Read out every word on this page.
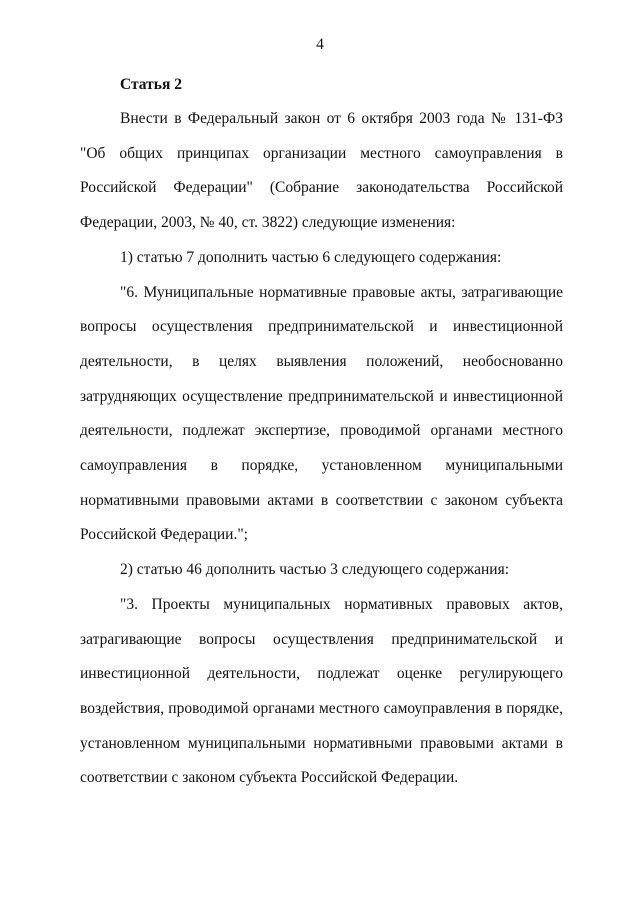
4
Статья 2

Внести в Федеральный закон от 6 октября 2003 года № 131-ФЗ "Об общих принципах организации местного самоуправления в Российской Федерации" (Собрание законодательства Российской Федерации, 2003, № 40, ст. 3822) следующие изменения:

1) статью 7 дополнить частью 6 следующего содержания:

"6. Муниципальные нормативные правовые акты, затрагивающие вопросы осуществления предпринимательской и инвестиционной деятельности, в целях выявления положений, необоснованно затрудняющих осуществление предпринимательской и инвестиционной деятельности, подлежат экспертизе, проводимой органами местного самоуправления в порядке, установленном муниципальными нормативными правовыми актами в соответствии с законом субъекта Российской Федерации.";

2) статью 46 дополнить частью 3 следующего содержания:

"3. Проекты муниципальных нормативных правовых актов, затрагивающие вопросы осуществления предпринимательской и инвестиционной деятельности, подлежат оценке регулирующего воздействия, проводимой органами местного самоуправления в порядке, установленном муниципальными нормативными правовыми актами в соответствии с законом субъекта Российской Федерации.
